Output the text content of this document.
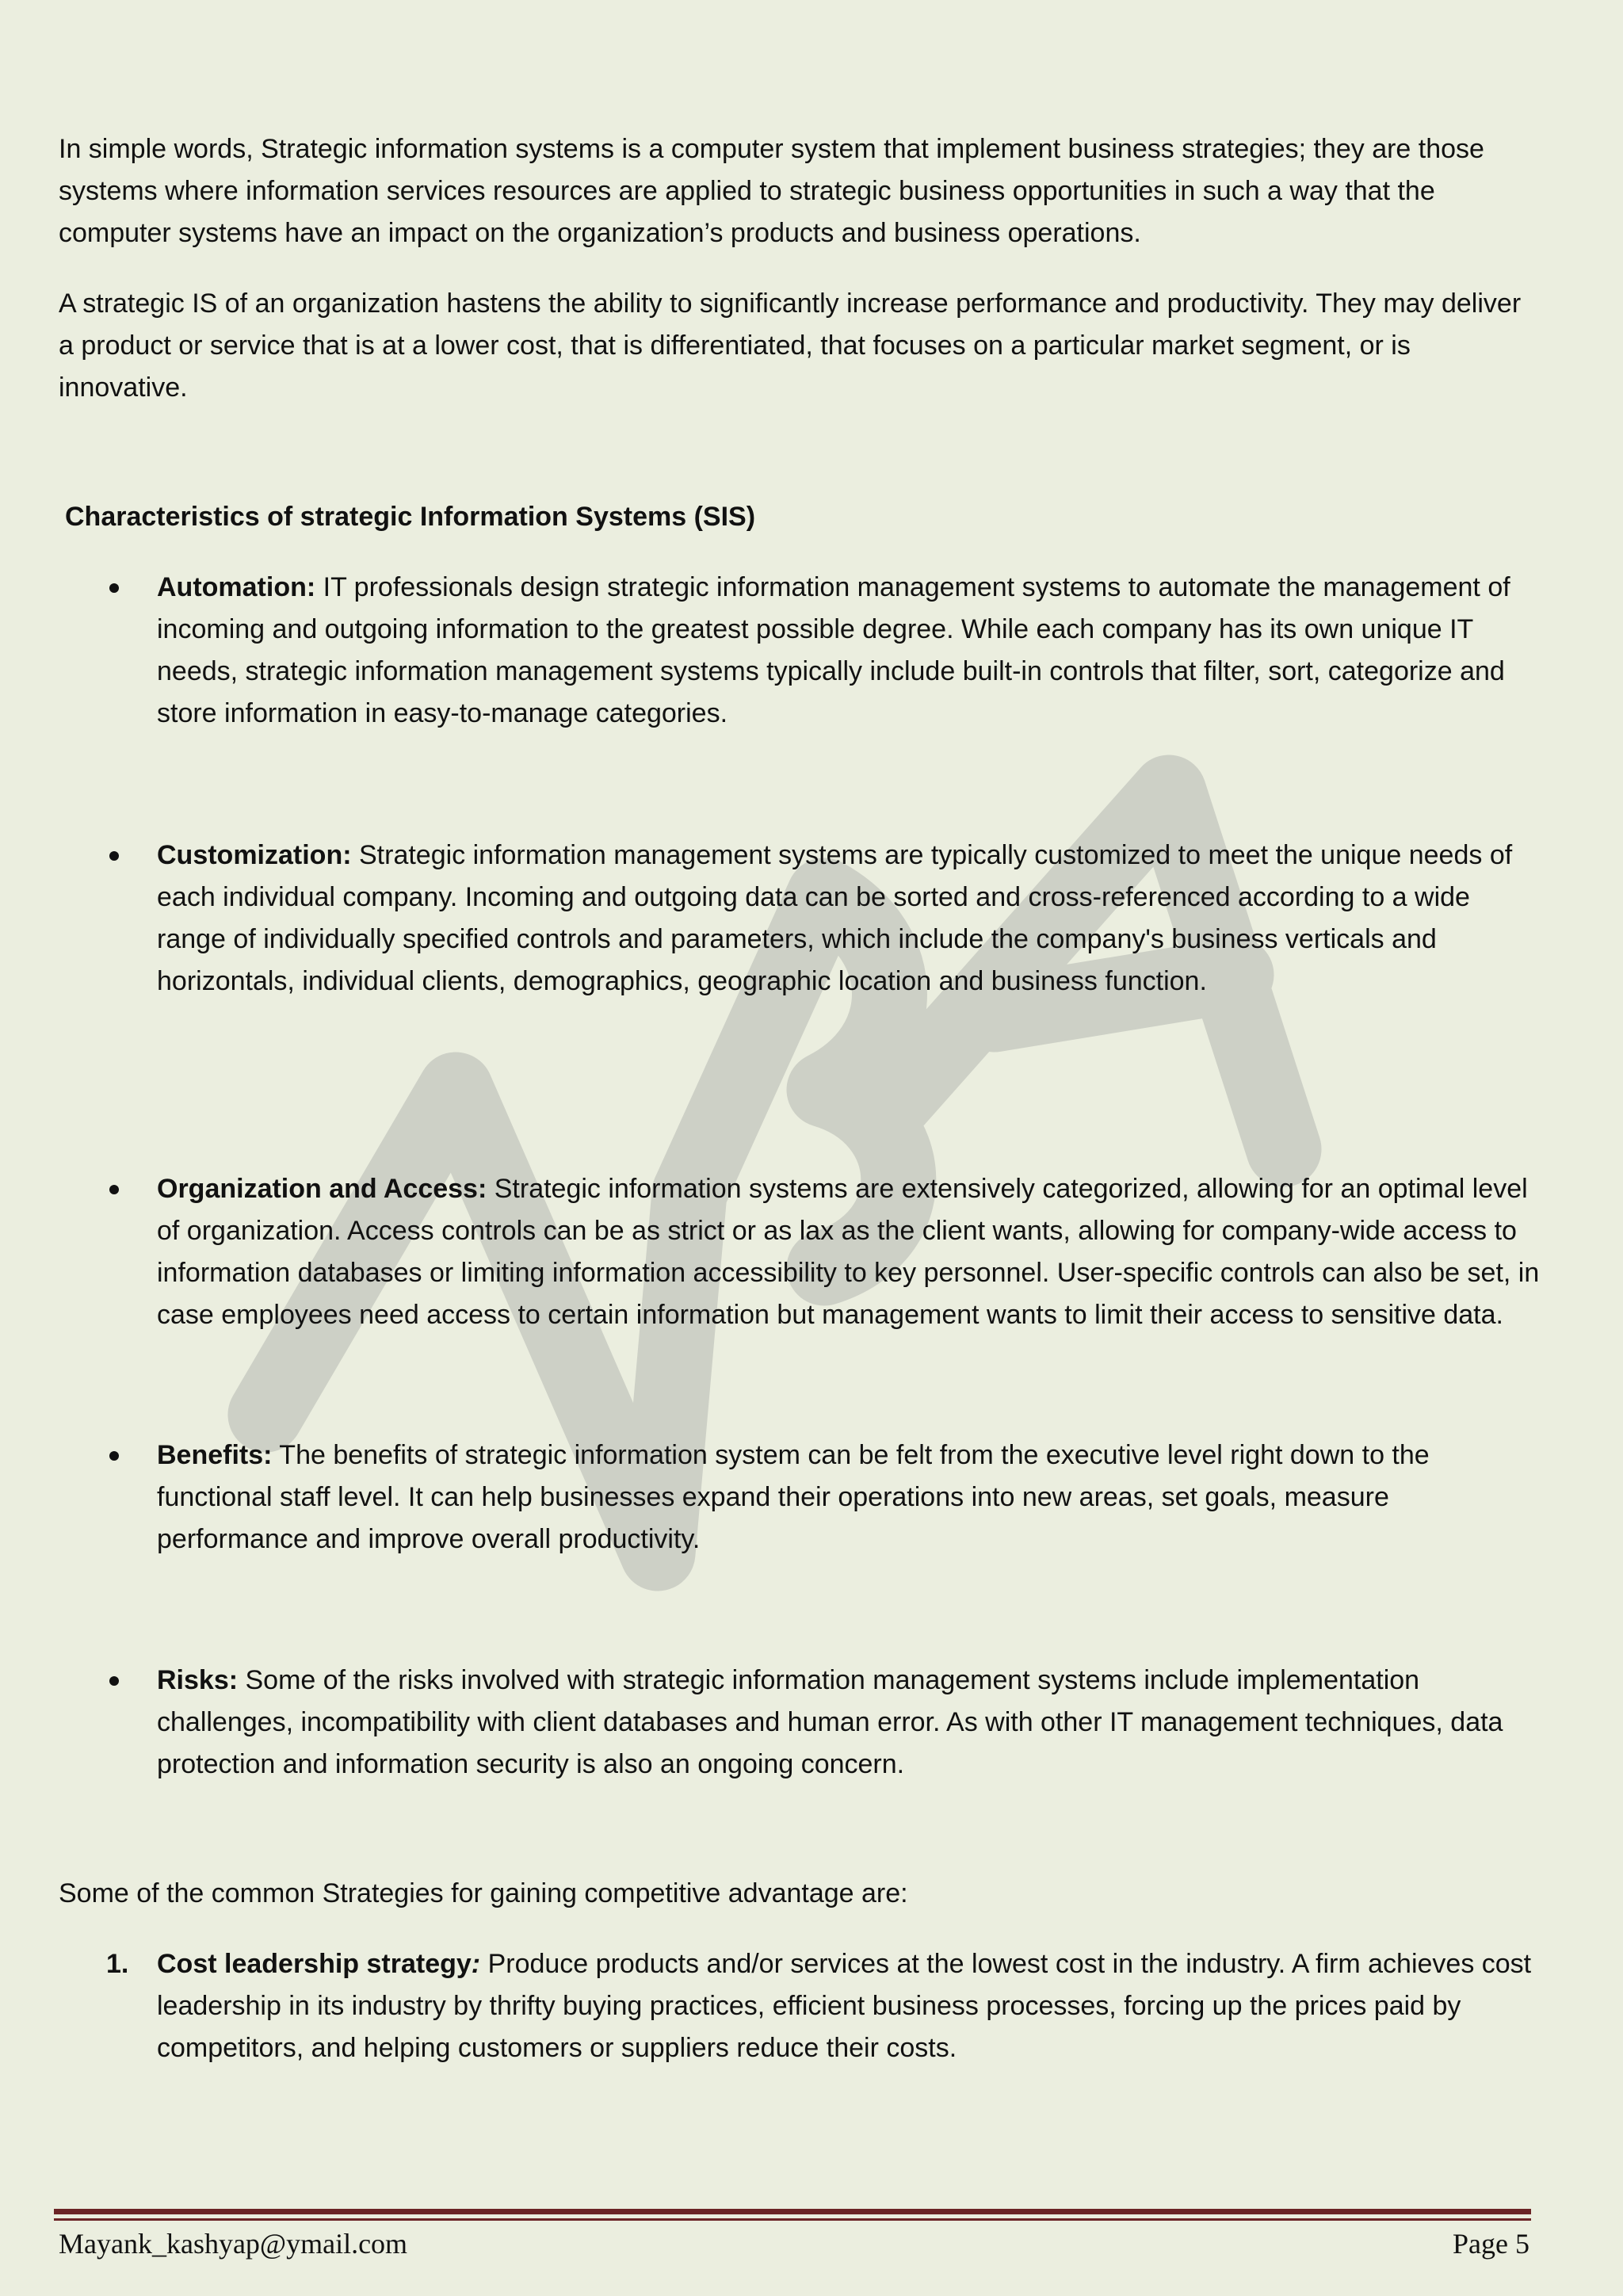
In simple words, Strategic information systems is a computer system that implement business strategies; they are those systems where information services resources are applied to strategic business opportunities in such a way that the computer systems have an impact on the organization’s products and business operations.

A strategic IS of an organization hastens the ability to significantly increase performance and productivity. They may deliver a product or service that is at a lower cost, that is differentiated, that focuses on a particular market segment, or is innovative.

Characteristics of strategic Information Systems (SIS)

Automation: IT professionals design strategic information management systems to automate the management of incoming and outgoing information to the greatest possible degree. While each company has its own unique IT needs, strategic information management systems typically include built-in controls that filter, sort, categorize and store information in easy-to-manage categories.
Customization: Strategic information management systems are typically customized to meet the unique needs of each individual company. Incoming and outgoing data can be sorted and cross-referenced according to a wide range of individually specified controls and parameters, which include the company's business verticals and horizontals, individual clients, demographics, geographic location and business function.
Organization and Access: Strategic information systems are extensively categorized, allowing for an optimal level of organization. Access controls can be as strict or as lax as the client wants, allowing for company-wide access to information databases or limiting information accessibility to key personnel. User-specific controls can also be set, in case employees need access to certain information but management wants to limit their access to sensitive data.
Benefits: The benefits of strategic information system can be felt from the executive level right down to the functional staff level. It can help businesses expand their operations into new areas, set goals, measure performance and improve overall productivity.
Risks: Some of the risks involved with strategic information management systems include implementation challenges, incompatibility with client databases and human error. As with other IT management techniques, data protection and information security is also an ongoing concern.

Some of the common Strategies for gaining competitive advantage are:

1. Cost leadership strategy: Produce products and/or services at the lowest cost in the industry. A firm achieves cost leadership in its industry by thrifty buying practices, efficient business processes, forcing up the prices paid by competitors, and helping customers or suppliers reduce their costs.
Mayank_kashyap@ymail.com	Page 5
